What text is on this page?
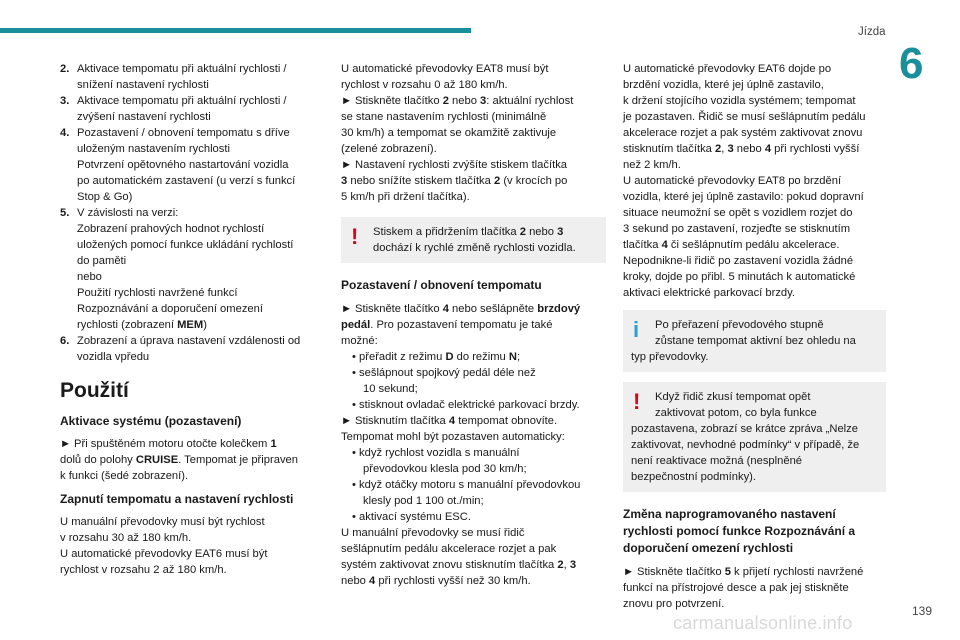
Jízda
6
139
carmanualsonline.info
2. Aktivace tempomatu při aktuální rychlosti /
snížení nastavení rychlosti
3. Aktivace tempomatu při aktuální rychlosti /
zvýšení nastavení rychlosti
4. Pozastavení / obnovení tempomatu s dříve
uloženým nastavením rychlosti
Potvrzení opětovného nastartování vozidla
po automatickém zastavení (u verzí s funkcí
Stop & Go)
5. V závislosti na verzi:
Zobrazení prahových hodnot rychlostí
uložených pomocí funkce ukládání rychlostí
do paměti
nebo
Použití rychlosti navržené funkcí
Rozpoznávání a doporučení omezení
rychlosti (zobrazení MEM)
6. Zobrazení a úprava nastavení vzdálenosti od
vozidla vpředu
Použití
Aktivace systému (pozastavení)
► Při spuštěném motoru otočte kolečkem 1
dolů do polohy CRUISE. Tempomat je připraven
k funkci (šedé zobrazení).
Zapnutí tempomatu a nastavení rychlosti
U manuální převodovky musí být rychlost
v rozsahu 30 až 180 km/h.
U automatické převodovky EAT6 musí být
rychlost v rozsahu 2 až 180 km/h.
U automatické převodovky EAT8 musí být
rychlost v rozsahu 0 až 180 km/h.
► Stiskněte tlačítko 2 nebo 3: aktuální rychlost
se stane nastavením rychlosti (minimálně
30 km/h) a tempomat se okamžitě zaktivuje
(zelené zobrazení).
► Nastavení rychlosti zvýšíte stiskem tlačítka
3 nebo snížíte stiskem tlačítka 2 (v krocích po
5 km/h při držení tlačítka).
! Stiskem a přidržením tlačítka 2 nebo 3
dochází k rychlé změně rychlosti vozidla.
Pozastavení / obnovení tempomatu
► Stiskněte tlačítko 4 nebo sešlápněte brzdový
pedál. Pro pozastavení tempomatu je také
možné:
• přeřadit z režimu D do režimu N;
• sešlápnout spojkový pedál déle než
10 sekund;
• stisknout ovladač elektrické parkovací brzdy.
► Stisknutím tlačítka 4 tempomat obnovíte.
Tempomat mohl být pozastaven automaticky:
• když rychlost vozidla s manuální
převodovkou klesla pod 30 km/h;
• když otáčky motoru s manuální převodovkou
klesly pod 1 100 ot./min;
• aktivací systému ESC.
U manuální převodovky se musí řidič
sešlápnutím pedálu akcelerace rozjet a pak
systém zaktivovat znovu stisknutím tlačítka 2, 3
nebo 4 při rychlosti vyšší než 30 km/h.
U automatické převodovky EAT6 dojde po
brzdění vozidla, které jej úplně zastavilo,
k držení stojícího vozidla systémem; tempomat
je pozastaven. Řidič se musí sešlápnutím pedálu
akcelerace rozjet a pak systém zaktivovat znovu
stisknutím tlačítka 2, 3 nebo 4 při rychlosti vyšší
než 2 km/h.
U automatické převodovky EAT8 po brzdění
vozidla, které jej úplně zastavilo: pokud dopravní
situace neumožní se opět s vozidlem rozjet do
3 sekund po zastavení, rozjeďte se stisknutím
tlačítka 4 či sešlápnutím pedálu akcelerace.
Nepodnikne-li řidič po zastavení vozidla žádné
kroky, dojde po přibl. 5 minutách k automatické
aktivaci elektrické parkovací brzdy.
i	Po přeřazení převodového stupně
zůstane tempomat aktivní bez ohledu na
typ převodovky.
!	Když řidič zkusí tempomat opět
zaktivovat potom, co byla funkce
pozastavena, zobrazí se krátce zpráva „Nelze
zaktivovat, nevhodné podmínky“ v případě, že
není reaktivace možná (nesplněné
bezpečnostní podmínky).
Změna naprogramovaného nastavení
rychlosti pomocí funkce Rozpoznávání a
doporučení omezení rychlosti
► Stiskněte tlačítko 5 k přijetí rychlosti navržené
funkcí na přístrojové desce a pak jej stiskněte
znovu pro potvrzení.
